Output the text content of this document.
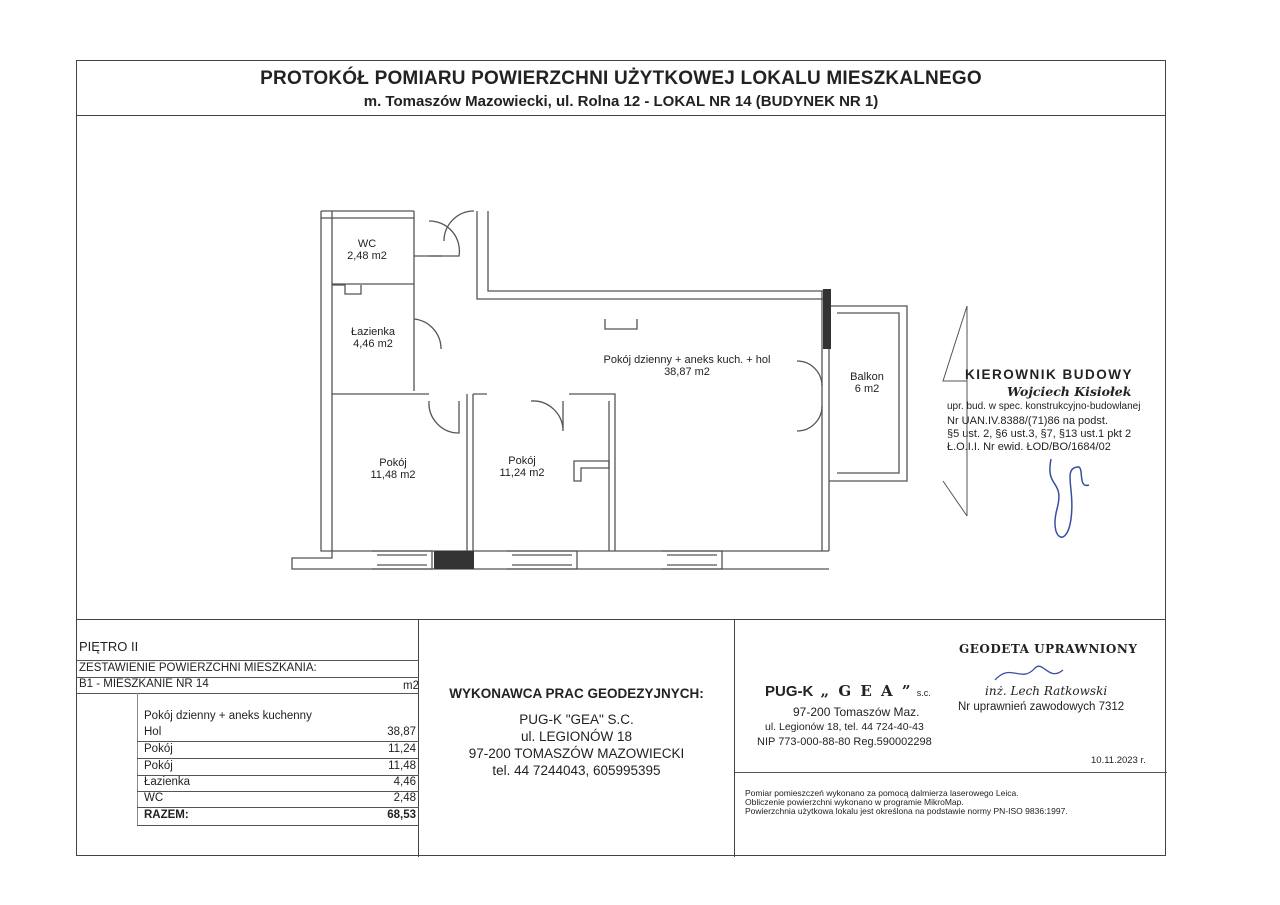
PROTOKÓŁ POMIARU POWIERZCHNI UŻYTKOWEJ LOKALU MIESZKALNEGO
m. Tomaszów Mazowiecki, ul. Rolna 12 - LOKAL NR 14 (BUDYNEK NR 1)
WC
2,48 m2
Łazienka
4,46 m2
Pokój dzienny + aneks kuch. + hol
38,87 m2	Balkon
6 m2
Pokój
11,48 m2
Pokój
11,24 m2
KIEROWNIK BUDOWY
Wojciech Kisiołek
upr. bud. w spec. konstrukcyjno-budowlanej
Nr UAN.IV.8388/(71)86 na podst.
§5 ust. 2, §6 ust.3, §7, §13 ust.1 pkt 2
Ł.O.I.I. Nr ewid. ŁOD/BO/1684/02
PIĘTRO II
ZESTAWIENIE POWIERZCHNI MIESZKANIA:
B1 - MIESZKANIE NR 14	m2
Pokój dzienny + aneks kuchenny
Hol	38,87
Pokój	11,24
Pokój	11,48
Łazienka	4,46
WC	2,48
RAZEM:	68,53
WYKONAWCA PRAC GEODEZYJNYCH:
PUG-K "GEA" S.C.
ul. LEGIONÓW 18
97-200 TOMASZÓW MAZOWIECKI
tel. 44 7244043, 605995395
PUG-K „ G E A ” s.c.
97-200 Tomaszów Maz.
ul. Legionów 18, tel. 44 724-40-43
NIP 773-000-88-80 Reg.590002298
GEODETA UPRAWNIONY
inż. Lech Ratkowski
Nr uprawnień zawodowych 7312
10.11.2023 r.
Pomiar pomieszczeń wykonano za pomocą dalmierza laserowego Leica.
Obliczenie powierzchni wykonano w programie MikroMap.
Powierzchnia użytkowa lokalu jest określona na podstawie normy PN-ISO 9836:1997.
